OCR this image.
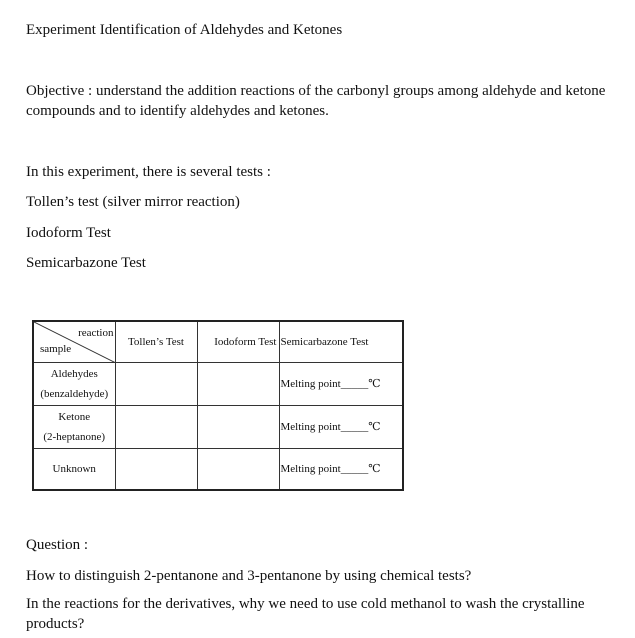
Experiment Identification of Aldehydes and Ketones
Objective : understand the addition reactions of the carbonyl groups among aldehyde and ketone compounds and to identify aldehydes and ketones.
In this experiment, there is several tests :
Tollen’s test (silver mirror reaction)
Iodoform Test
Semicarbazone Test
reaction
sample	Tollen’s Test	Iodoform Test	Semicarbazone Test

Aldehydes
(benzaldehyde)			Melting point_____℃

Ketone
(2-heptanone)			Melting point_____℃

Unknown			Melting point_____℃
Question :
How to distinguish 2-pentanone and 3-pentanone by using chemical tests?
In the reactions for the derivatives, why we need to use cold methanol to wash the crystalline products?
